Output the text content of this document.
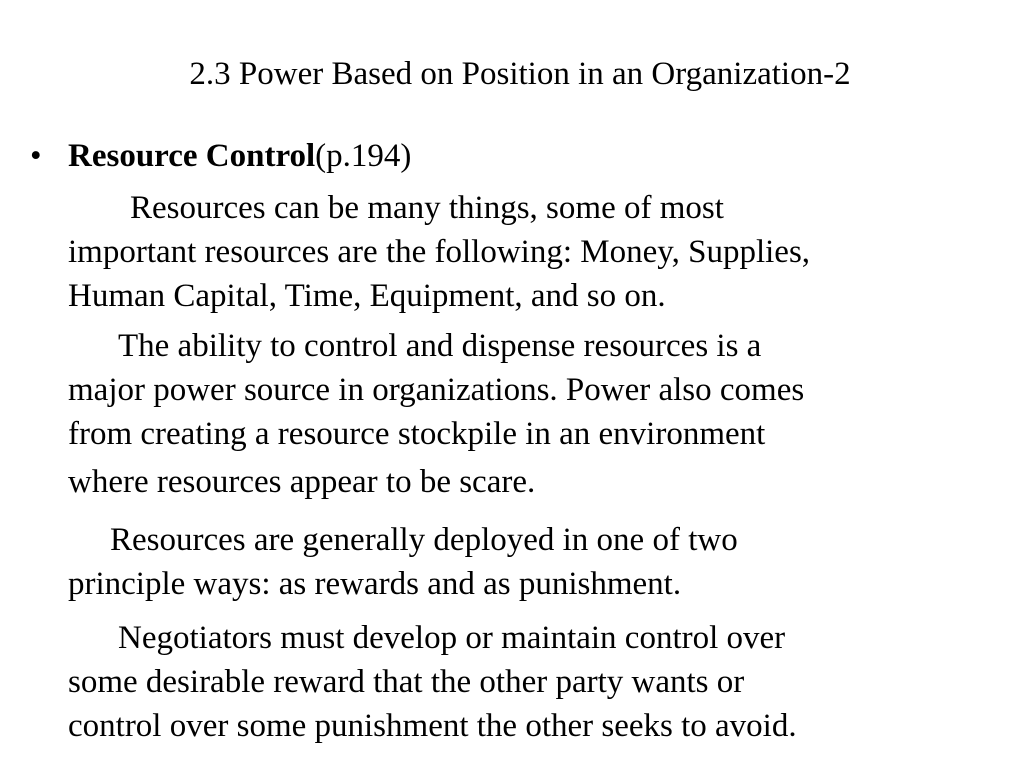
2.3 Power Based on Position in an Organization-2
• Resource Control(p.194)
Resources can be many things, some of most
important resources are the following: Money, Supplies,
Human Capital, Time, Equipment, and so on.
The ability to control and dispense resources is a
major power source in organizations. Power also comes
from creating a resource stockpile in an environment
where resources appear to be scare.
Resources are generally deployed in one of two
principle ways: as rewards and as punishment.
Negotiators must develop or maintain control over
some desirable reward that the other party wants or
control over some punishment the other seeks to avoid.
